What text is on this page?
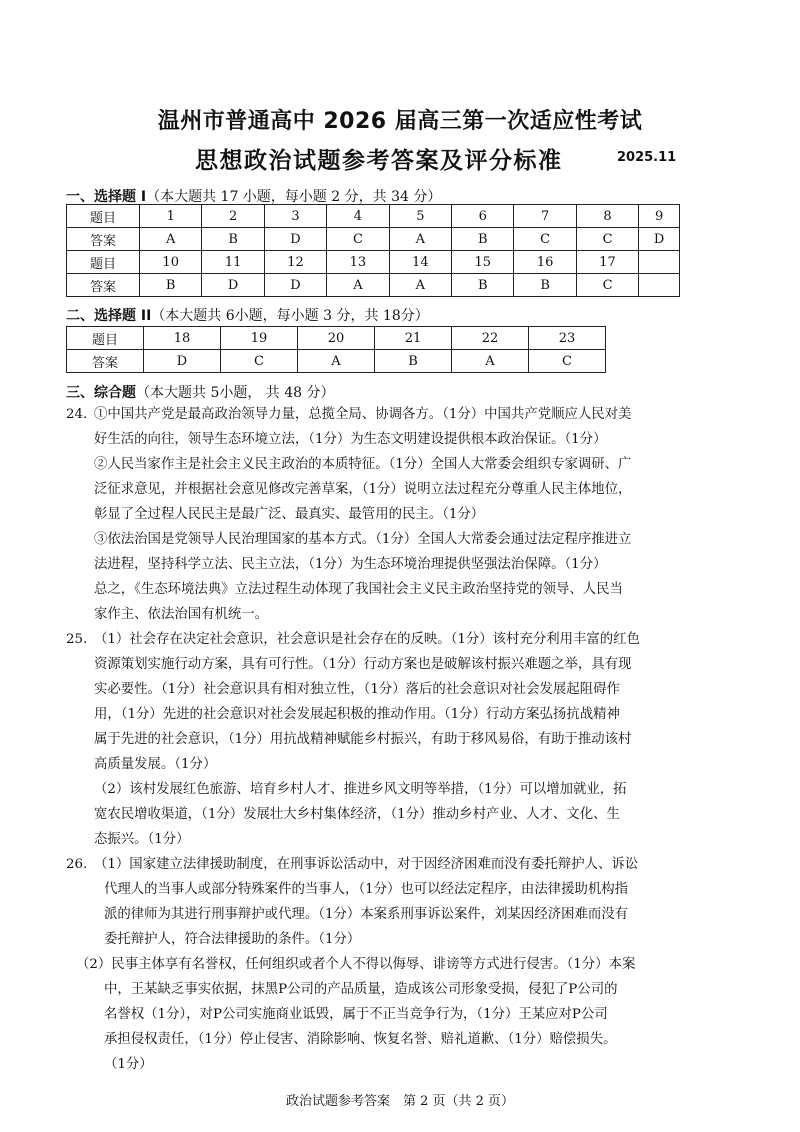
温州市普通高中 2026 届高三第一次适应性考试
思想政治试题参考答案及评分标准	2025.11
一、选择题 I（本大题共 17 小题，每小题 2 分，共 34 分）
题目	1	2	3	4	5	6	7	8	9
答案	A	B	D	C	A	B	C	C	D
题目	10	11	12	13	14	15	16	17	
答案	B	D	D	A	A	B	B	C	
二、选择题 II（本大题共 6小题，每小题 3 分，共 18分）
题目	18	19	20	21	22	23
答案	D	C	A	B	A	C
三、综合题（本大题共 5小题， 共 48 分）
24. ①中国共产党是最高政治领导力量，总揽全局、协调各方。（1分）中国共产党顺应人民对美
好生活的向往，领导生态环境立法，（1分）为生态文明建设提供根本政治保证。（1分）
②人民当家作主是社会主义民主政治的本质特征。（1分）全国人大常委会组织专家调研、广
泛征求意见，并根据社会意见修改完善草案，（1分）说明立法过程充分尊重人民主体地位，
彰显了全过程人民民主是最广泛、最真实、最管用的民主。（1分）
③依法治国是党领导人民治理国家的基本方式。（1分）全国人大常委会通过法定程序推进立
法进程，坚持科学立法、民主立法，（1分）为生态环境治理提供坚强法治保障。（1分）
总之，《生态环境法典》立法过程生动体现了我国社会主义民主政治坚持党的领导、人民当
家作主、依法治国有机统一。
25. （1）社会存在决定社会意识，社会意识是社会存在的反映。（1分）该村充分利用丰富的红色
资源策划实施行动方案，具有可行性。（1分）行动方案也是破解该村振兴难题之举，具有现
实必要性。（1分）社会意识具有相对独立性，（1分）落后的社会意识对社会发展起阻碍作
用，（1分）先进的社会意识对社会发展起积极的推动作用。（1分）行动方案弘扬抗战精神
属于先进的社会意识，（1分）用抗战精神赋能乡村振兴，有助于移风易俗，有助于推动该村
高质量发展。（1分）
（2）该村发展红色旅游、培育乡村人才、推进乡风文明等举措，（1分）可以增加就业，拓
宽农民增收渠道，（1分）发展壮大乡村集体经济，（1分）推动乡村产业、人才、文化、生
态振兴。（1分）
26. （1）国家建立法律援助制度，在刑事诉讼活动中，对于因经济困难而没有委托辩护人、诉讼
代理人的当事人或部分特殊案件的当事人，（1分）也可以经法定程序，由法律援助机构指
派的律师为其进行刑事辩护或代理。（1分）本案系刑事诉讼案件，刘某因经济困难而没有
委托辩护人，符合法律援助的条件。（1分）
（2）民事主体享有名誉权，任何组织或者个人不得以侮辱、诽谤等方式进行侵害。（1分）本案
中，王某缺乏事实依据，抹黑P公司的产品质量，造成该公司形象受损，侵犯了P公司的
名誉权（1分），对P公司实施商业诋毁，属于不正当竞争行为，（1分）王某应对P公司
承担侵权责任，（1分）停止侵害、消除影响、恢复名誉、赔礼道歉、（1分）赔偿损失。
（1分）
政治试题参考答案　第 2 页（共 2 页）
